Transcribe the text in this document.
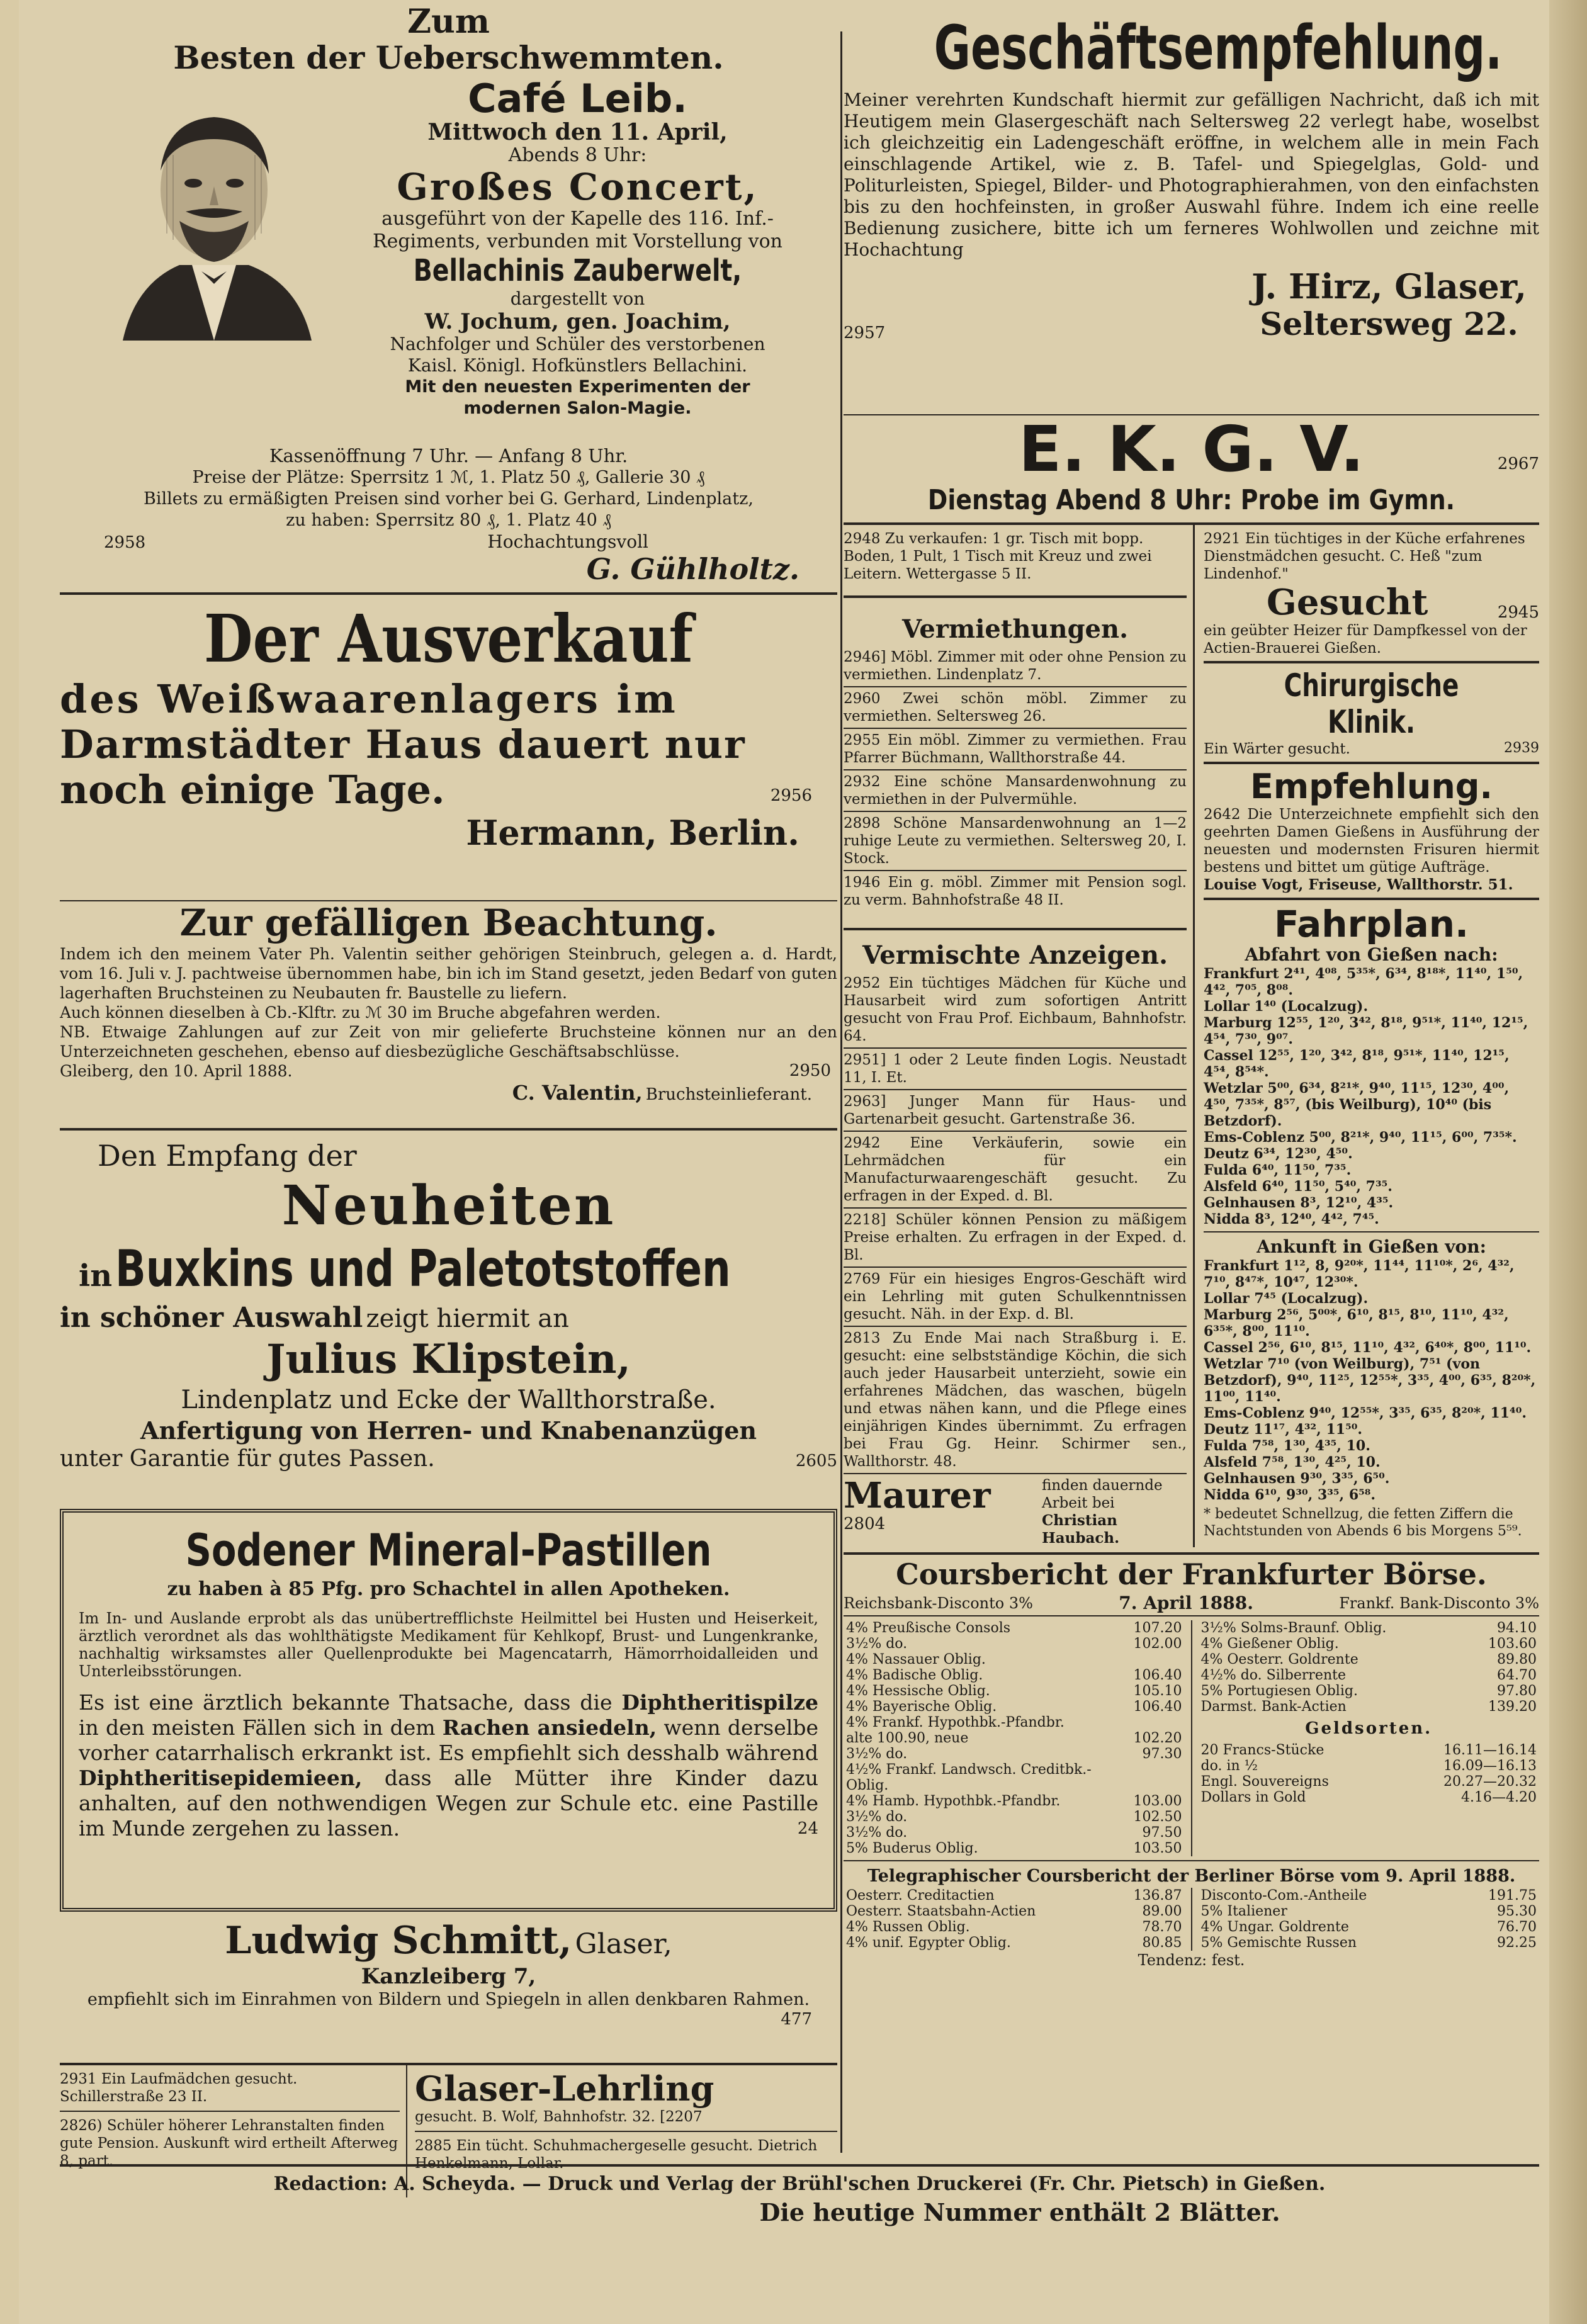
Zum

Besten der Ueberschwemmten.

Café Leib.

Mittwoch den 11. April,

Abends 8 Uhr:

Großes Concert,

ausgeführt von der Kapelle des 116. Inf.-

Regiments, verbunden mit Vorstellung von

Bellachinis Zauberwelt,

dargestellt von

W. Jochum, gen. Joachim,

Nachfolger und Schüler des verstorbenen

Kaisl. Königl. Hofkünstlers Bellachini.

Mit den neuesten Experimenten der

modernen Salon-Magie.

Kassenöffnung 7 Uhr. — Anfang 8 Uhr.

Preise der Plätze: Sperrsitz 1 ℳ, 1. Platz 50 ₰, Gallerie 30 ₰

Billets zu ermäßigten Preisen sind vorher bei G. Gerhard, Lindenplatz,

zu haben: Sperrsitz 80 ₰, 1. Platz 40 ₰

2958	Hochachtungsvoll

G. Gühlholtz.

Der Ausverkauf

des Weißwaarenlagers im

Darmstädter Haus dauert nur

noch einige Tage.	2956

Hermann, Berlin.

Zur gefälligen Beachtung.

Indem ich den meinem Vater Ph. Valentin seither gehörigen Steinbruch, gelegen a. d. Hardt, vom 16. Juli v. J. pachtweise übernommen habe, bin ich im Stand gesetzt, jeden Bedarf von guten lagerhaften Bruchsteinen zu Neubauten fr. Baustelle zu liefern.

Auch können dieselben à Cb.-Klftr. zu ℳ 30 im Bruche abgefahren werden.

NB. Etwaige Zahlungen auf zur Zeit von mir gelieferte Bruchsteine können nur an den Unterzeichneten geschehen, ebenso auf diesbezügliche Geschäftsabschlüsse.

Gleiberg, den 10. April 1888.	2950

C. Valentin, Bruchsteinlieferant.

Den Empfang der

Neuheiten

in Buxkins und Paletotstoffen

in schöner Auswahl zeigt hiermit an

Julius Klipstein,

Lindenplatz und Ecke der Wallthorstraße.

Anfertigung von Herren- und Knabenanzügen

unter Garantie für gutes Passen.	2605

Sodener Mineral-Pastillen

zu haben à 85 Pfg. pro Schachtel in allen Apotheken.

Im In- und Auslande erprobt als das unübertrefflichste Heilmittel bei Husten und Heiserkeit, ärztlich verordnet als das wohlthätigste Medikament für Kehlkopf, Brust- und Lungenkranke, nachhaltig wirksamstes aller Quellenprodukte bei Magencatarrh, Hämorrhoidalleiden und Unterleibsstörungen.

Es ist eine ärztlich bekannte Thatsache, dass die Diphtheritispilze in den meisten Fällen sich in dem Rachen ansiedeln, wenn derselbe vorher catarrhalisch erkrankt ist. Es empfiehlt sich desshalb während Diphtheritisepidemieen, dass alle Mütter ihre Kinder dazu anhalten, auf den nothwendigen Wegen zur Schule etc. eine Pastille im Munde zergehen zu lassen.	24

Ludwig Schmitt, Glaser,

Kanzleiberg 7,

empfiehlt sich im Einrahmen von Bildern und Spiegeln in allen denkbaren Rahmen.

477

2931 Ein Laufmädchen gesucht. Schillerstraße 23 II.

2826) Schüler höherer Lehranstalten finden gute Pension. Auskunft wird ertheilt Afterweg 8, part.

Glaser-Lehrling

gesucht. B. Wolf, Bahnhofstr. 32. [2207

2885 Ein tücht. Schuhmachergeselle gesucht. Dietrich Henkelmann, Lollar.

Geschäftsempfehlung.

Meiner verehrten Kundschaft hiermit zur gefälligen Nachricht, daß ich mit Heutigem mein Glasergeschäft nach Seltersweg 22 verlegt habe, woselbst ich gleichzeitig ein Ladengeschäft eröffne, in welchem alle in mein Fach einschlagende Artikel, wie z. B. Tafel- und Spiegelglas, Gold- und Politurleisten, Spiegel, Bilder- und Photographierahmen, von den einfachsten bis zu den hochfeinsten, in großer Auswahl führe. Indem ich eine reelle Bedienung zusichere, bitte ich um ferneres Wohlwollen und zeichne mit Hochachtung

2957

J. Hirz, Glaser,

Seltersweg 22.

E. K. G. V.	2967

Dienstag Abend 8 Uhr: Probe im Gymn.

2948 Zu verkaufen: 1 gr. Tisch mit bopp. Boden, 1 Pult, 1 Tisch mit Kreuz und zwei Leitern. Wettergasse 5 II.

Vermiethungen.

2946] Möbl. Zimmer mit oder ohne Pension zu vermiethen. Lindenplatz 7.

2960 Zwei schön möbl. Zimmer zu vermiethen. Seltersweg 26.

2955 Ein möbl. Zimmer zu vermiethen. Frau Pfarrer Büchmann, Wallthorstraße 44.

2932 Eine schöne Mansardenwohnung zu vermiethen in der Pulvermühle.

2898 Schöne Mansardenwohnung an 1—2 ruhige Leute zu vermiethen. Seltersweg 20, I. Stock.

1946 Ein g. möbl. Zimmer mit Pension sogl. zu verm. Bahnhofstraße 48 II.

Vermischte Anzeigen.

2952 Ein tüchtiges Mädchen für Küche und Hausarbeit wird zum sofortigen Antritt gesucht von Frau Prof. Eichbaum, Bahnhofstr. 64.

2951] 1 oder 2 Leute finden Logis. Neustadt 11, I. Et.

2963] Junger Mann für Haus- und Gartenarbeit gesucht. Gartenstraße 36.

2942 Eine Verkäuferin, sowie ein Lehrmädchen für ein Manufacturwaarengeschäft gesucht. Zu erfragen in der Exped. d. Bl.

2218] Schüler können Pension zu mäßigem Preise erhalten. Zu erfragen in der Exped. d. Bl.

2769 Für ein hiesiges Engros-Geschäft wird ein Lehrling mit guten Schulkenntnissen gesucht. Näh. in der Exp. d. Bl.

2813 Zu Ende Mai nach Straßburg i. E. gesucht: eine selbstständige Köchin, die sich auch jeder Hausarbeit unterzieht, sowie ein erfahrenes Mädchen, das waschen, bügeln und etwas nähen kann, und die Pflege eines einjährigen Kindes übernimmt. Zu erfragen bei Frau Gg. Heinr. Schirmer sen., Wallthorstr. 48.

Maurer

2804

finden dauernde Arbeit bei

Christian Haubach.

2921 Ein tüchtiges in der Küche erfahrenes Dienstmädchen gesucht. C. Heß "zum Lindenhof."

Gesucht	2945

ein geübter Heizer für Dampfkessel von der Actien-Brauerei Gießen.

Chirurgische Klinik.

Ein Wärter gesucht.	2939

Empfehlung.

2642 Die Unterzeichnete empfiehlt sich den geehrten Damen Gießens in Ausführung der neuesten und modernsten Frisuren hiermit bestens und bittet um gütige Aufträge.

Louise Vogt, Friseuse, Wallthorstr. 51.

Fahrplan.

Abfahrt von Gießen nach:

Frankfurt 2⁴¹, 4⁰⁸, 5³⁵*, 6³⁴, 8¹⁸*, 11⁴⁰, 1⁵⁰, 4⁴², 7⁰⁵, 8⁰⁸.

Lollar 1⁴⁰ (Localzug).

Marburg 12⁵⁵, 1²⁰, 3⁴², 8¹⁸, 9⁵¹*, 11⁴⁰, 12¹⁵, 4⁵⁴, 7³⁰, 9⁰⁷.

Cassel 12⁵⁵, 1²⁰, 3⁴², 8¹⁸, 9⁵¹*, 11⁴⁰, 12¹⁵, 4⁵⁴, 8⁵⁴*.

Wetzlar 5⁰⁰, 6³⁴, 8²¹*, 9⁴⁰, 11¹⁵, 12³⁰, 4⁰⁰, 4⁵⁰, 7³⁵*, 8⁵⁷, (bis Weilburg), 10⁴⁰ (bis Betzdorf).

Ems-Coblenz 5⁰⁰, 8²¹*, 9⁴⁰, 11¹⁵, 6⁰⁰, 7³⁵*.

Deutz 6³⁴, 12³⁰, 4⁵⁰.

Fulda 6⁴⁰, 11⁵⁰, 7³⁵.

Alsfeld 6⁴⁰, 11⁵⁰, 5⁴⁰, 7³⁵.

Gelnhausen 8³, 12¹⁰, 4³⁵.

Nidda 8³, 12⁴⁰, 4⁴², 7⁴⁵.

Ankunft in Gießen von:

Frankfurt 1¹², 8, 9²⁰*, 11⁴⁴, 11¹⁰*, 2⁶, 4³², 7¹⁰, 8⁴⁷*, 10⁴⁷, 12³⁰*.

Lollar 7⁴⁵ (Localzug).

Marburg 2⁵⁶, 5⁰⁰*, 6¹⁰, 8¹⁵, 8¹⁰, 11¹⁰, 4³², 6³⁵*, 8⁰⁰, 11¹⁰.

Cassel 2⁵⁶, 6¹⁰, 8¹⁵, 11¹⁰, 4³², 6⁴⁰*, 8⁰⁰, 11¹⁰.

Wetzlar 7¹⁰ (von Weilburg), 7⁵¹ (von Betzdorf), 9⁴⁰, 11²⁵, 12⁵⁵*, 3³⁵, 4⁰⁰, 6³⁵, 8²⁰*, 11⁰⁰, 11⁴⁰.

Ems-Coblenz 9⁴⁰, 12⁵⁵*, 3³⁵, 6³⁵, 8²⁰*, 11⁴⁰.

Deutz 11¹⁷, 4³², 11⁵⁰.

Fulda 7⁵⁸, 1³⁰, 4³⁵, 10.

Alsfeld 7⁵⁸, 1³⁰, 4²⁵, 10.

Gelnhausen 9³⁰, 3³⁵, 6⁵⁰.

Nidda 6¹⁰, 9³⁰, 3³⁵, 6⁵⁸.

* bedeutet Schnellzug, die fetten Ziffern die Nachtstunden von Abends 6 bis Morgens 5⁵⁹.

Coursbericht der Frankfurter Börse.

Reichsbank-Disconto 3%	7. April 1888.	Frankf. Bank-Disconto 3%
4% Preußische Consols	107.20
3½% do.	102.00
4% Nassauer Oblig.	
4% Badische Oblig.	106.40
4% Hessische Oblig.	105.10
4% Bayerische Oblig.	106.40
4% Frankf. Hypothbk.-Pfandbr.	
alte 100.90, neue	102.20
3½% do.	97.30
4½% Frankf. Landwsch. Creditbk.-Oblig.	
4% Hamb. Hypothbk.-Pfandbr.	103.00
3½% do.	102.50
3½% do.	97.50
5% Buderus Oblig.	103.50
3½% Solms-Braunf. Oblig.	94.10
4% Gießener Oblig.	103.60
4% Oesterr. Goldrente	89.80
4½% do. Silberrente	64.70
5% Portugiesen Oblig.	97.80
Darmst. Bank-Actien	139.20

Geldsorten.

20 Francs-Stücke	16.11—16.14
do. in ½	16.09—16.13
Engl. Souvereigns	20.27—20.32
Dollars in Gold	4.16—4.20

Telegraphischer Coursbericht der Berliner Börse vom 9. April 1888.

Oesterr. Creditactien	136.87
Oesterr. Staatsbahn-Actien	89.00
4% Russen Oblig.	78.70
4% unif. Egypter Oblig.	80.85
Disconto-Com.-Antheile	191.75
5% Italiener	95.30
4% Ungar. Goldrente	76.70
5% Gemischte Russen	92.25

Tendenz: fest.

Redaction: A. Scheyda. — Druck und Verlag der Brühl'schen Druckerei (Fr. Chr. Pietsch) in Gießen.

Die heutige Nummer enthält 2 Blätter.
